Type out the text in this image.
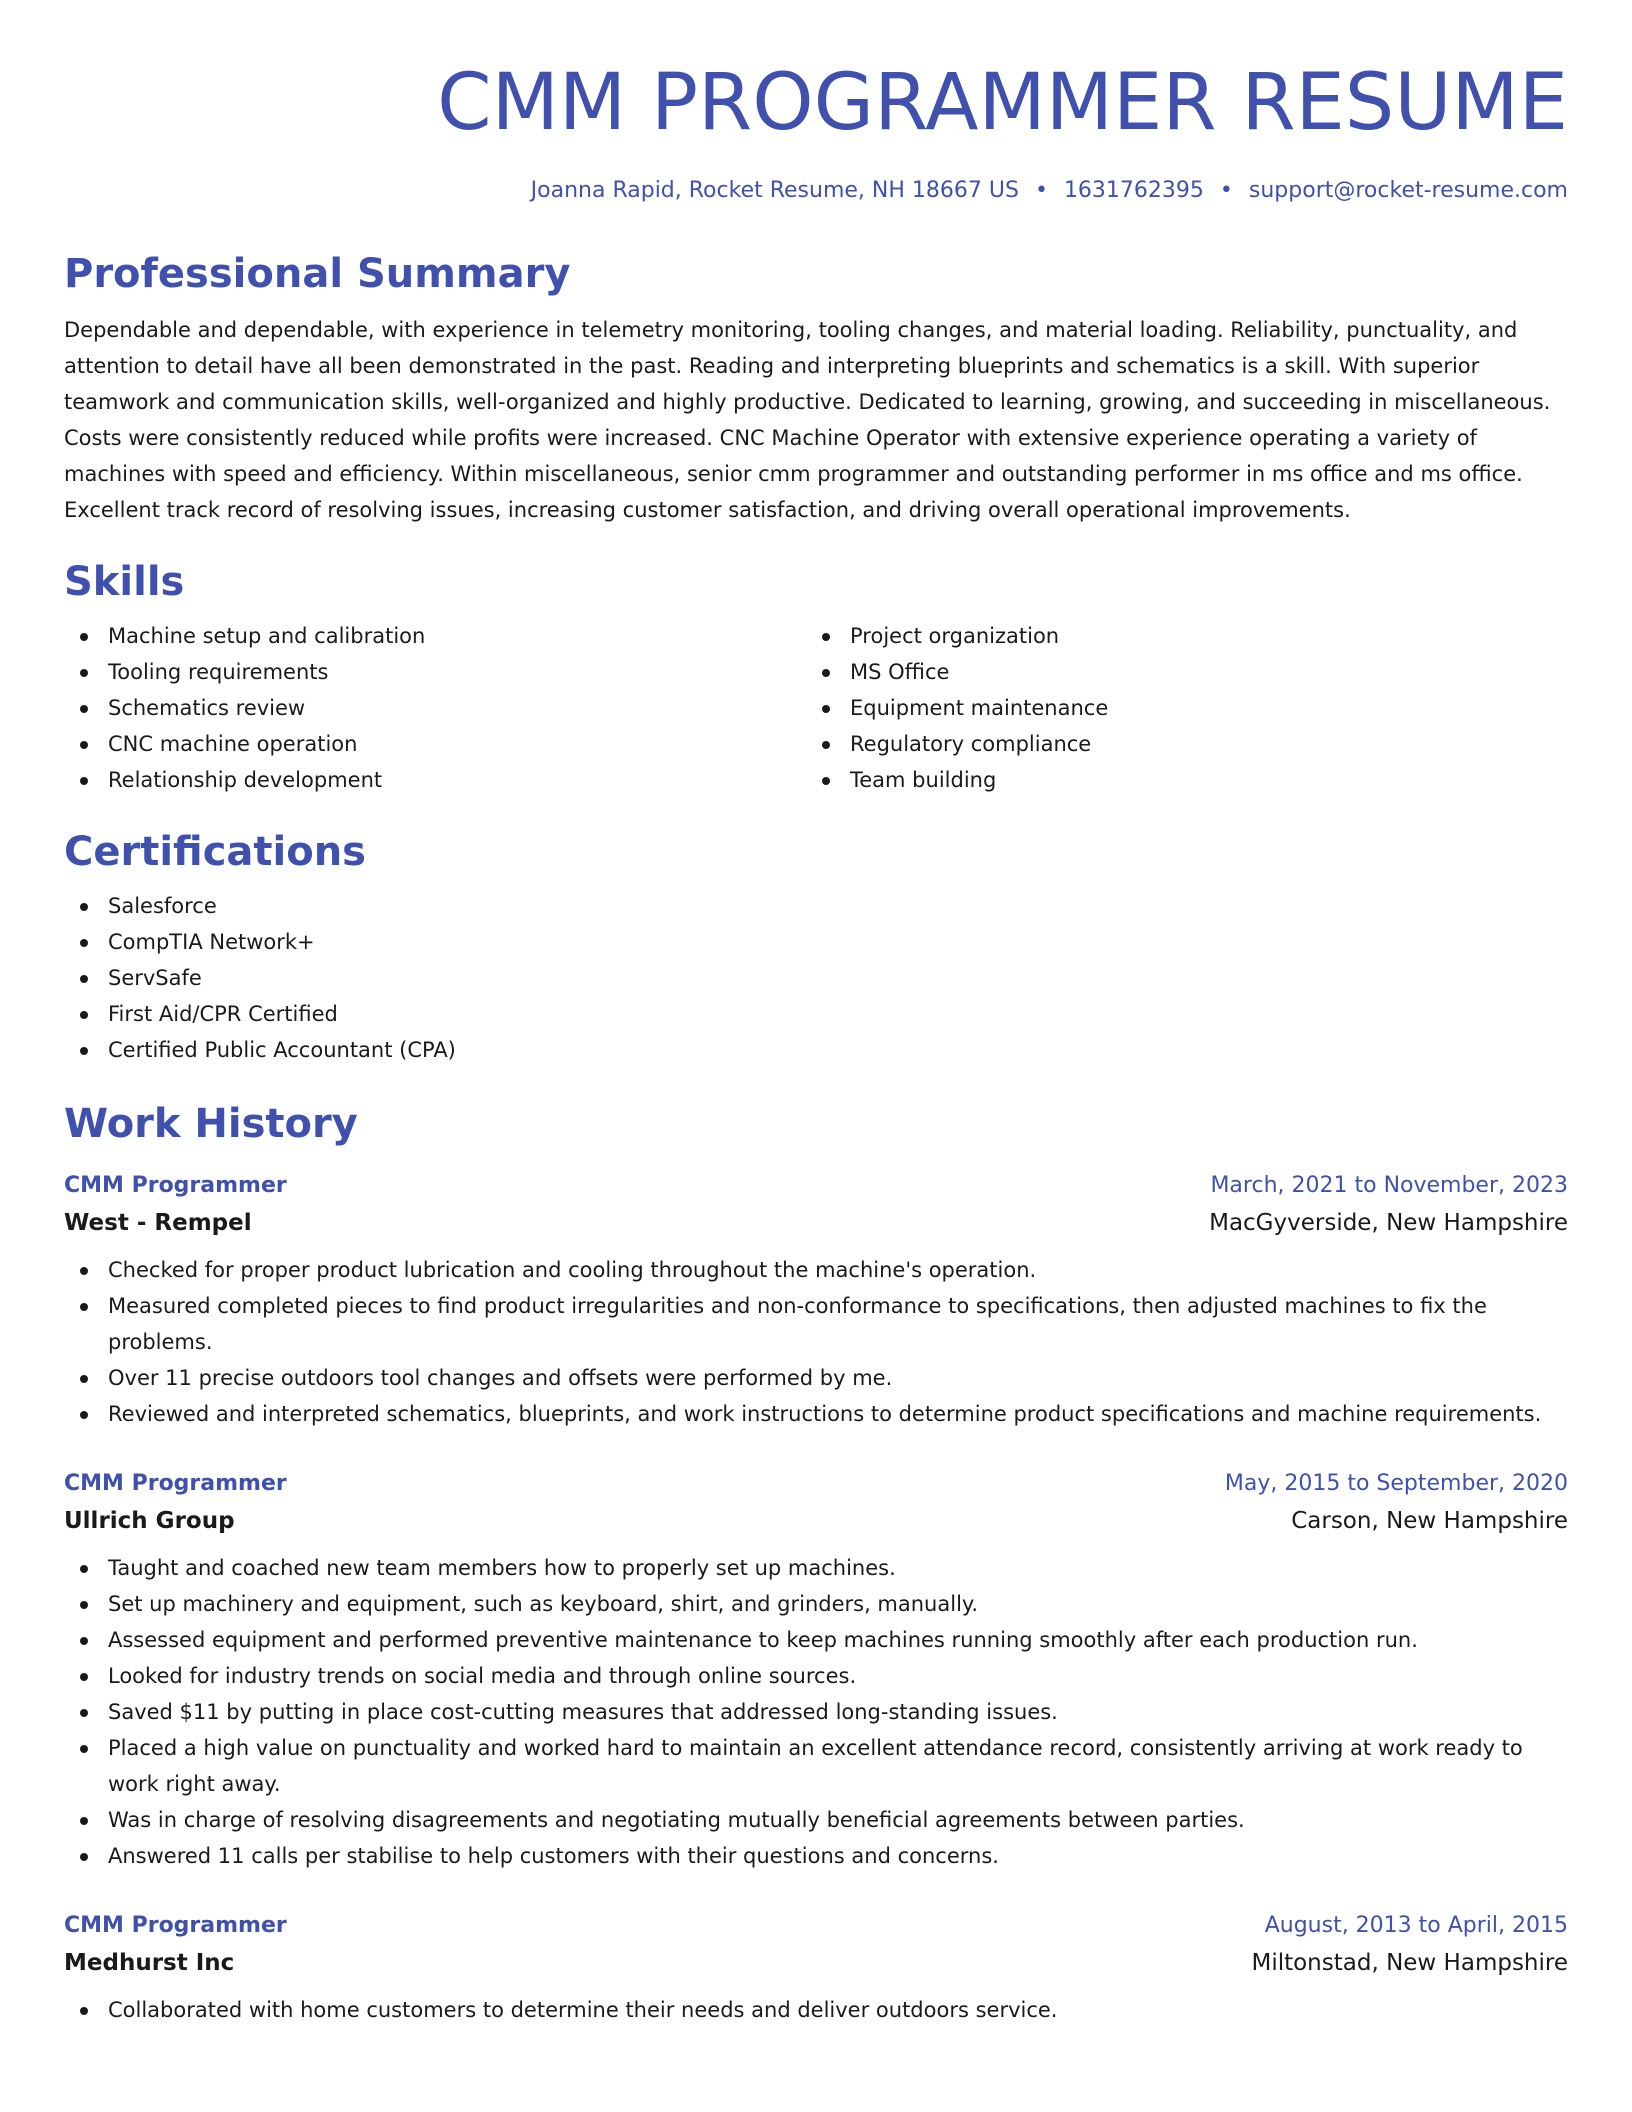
CMM PROGRAMMER RESUME
Joanna Rapid, Rocket Resume, NH 18667 US • 1631762395 • support@rocket-resume.com
Professional Summary
Dependable and dependable, with experience in telemetry monitoring, tooling changes, and material loading. Reliability, punctuality, and attention to detail have all been demonstrated in the past. Reading and interpreting blueprints and schematics is a skill. With superior teamwork and communication skills, well-organized and highly productive. Dedicated to learning, growing, and succeeding in miscellaneous. Costs were consistently reduced while profits were increased. CNC Machine Operator with extensive experience operating a variety of machines with speed and efficiency. Within miscellaneous, senior cmm programmer and outstanding performer in ms office and ms office. Excellent track record of resolving issues, increasing customer satisfaction, and driving overall operational improvements.
Skills
Machine setup and calibration
Tooling requirements
Schematics review
CNC machine operation
Relationship development
Project organization
MS Office
Equipment maintenance
Regulatory compliance
Team building
Certifications
Salesforce
CompTIA Network+
ServSafe
First Aid/CPR Certified
Certified Public Accountant (CPA)
Work History
CMM Programmer	March, 2021 to November, 2023
West - Rempel	MacGyverside, New Hampshire
Checked for proper product lubrication and cooling throughout the machine's operation.
Measured completed pieces to find product irregularities and non-conformance to specifications, then adjusted machines to fix the problems.
Over 11 precise outdoors tool changes and offsets were performed by me.
Reviewed and interpreted schematics, blueprints, and work instructions to determine product specifications and machine requirements.
CMM Programmer	May, 2015 to September, 2020
Ullrich Group	Carson, New Hampshire
Taught and coached new team members how to properly set up machines.
Set up machinery and equipment, such as keyboard, shirt, and grinders, manually.
Assessed equipment and performed preventive maintenance to keep machines running smoothly after each production run.
Looked for industry trends on social media and through online sources.
Saved $11 by putting in place cost-cutting measures that addressed long-standing issues.
Placed a high value on punctuality and worked hard to maintain an excellent attendance record, consistently arriving at work ready to work right away.
Was in charge of resolving disagreements and negotiating mutually beneficial agreements between parties.
Answered 11 calls per stabilise to help customers with their questions and concerns.
CMM Programmer	August, 2013 to April, 2015
Medhurst Inc	Miltonstad, New Hampshire
Collaborated with home customers to determine their needs and deliver outdoors service.
